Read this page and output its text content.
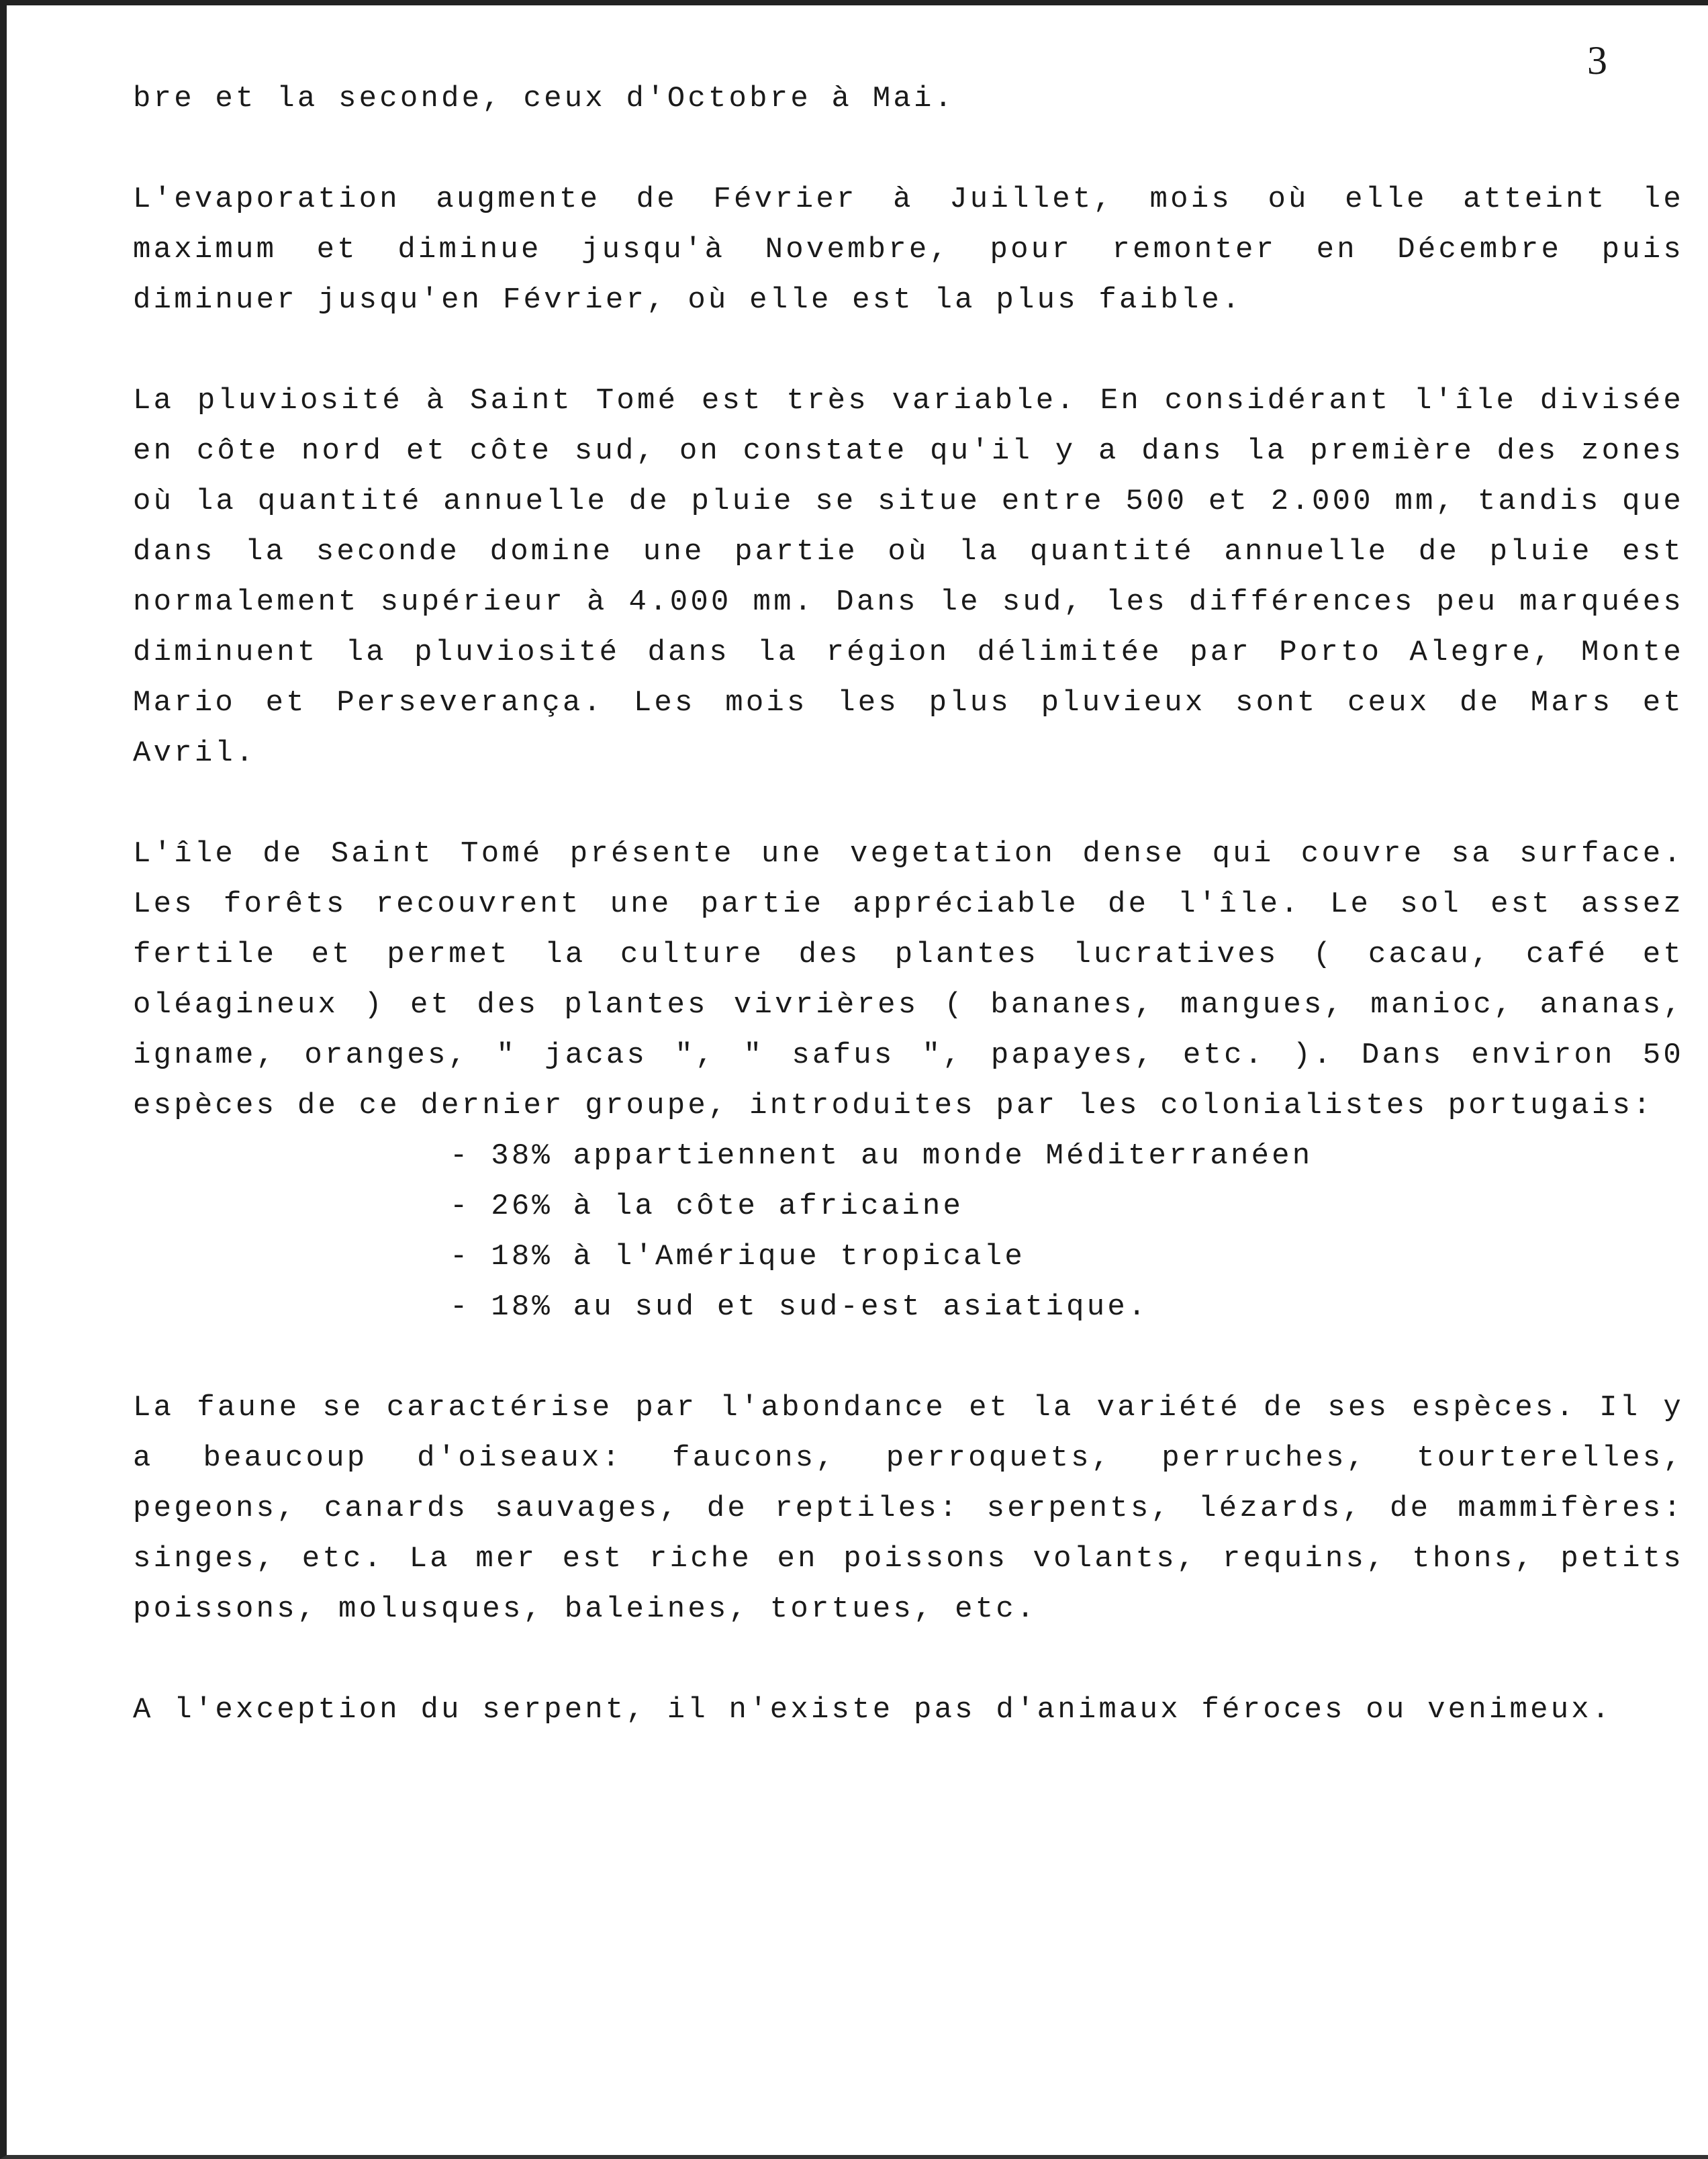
3

bre et la seconde, ceux d'Octobre à Mai.

L'evaporation augmente de Février à Juillet, mois où elle atteint le maximum et diminue jusqu'à Novembre, pour remonter en Décembre puis diminuer jusqu'en Février, où elle est la plus faible.

La pluviosité à Saint Tomé est très variable. En considérant l'île divisée en côte nord et côte sud, on constate qu'il y a dans la première des zones où la quantité annuelle de pluie se situe entre 500 et 2.000 mm, tandis que dans la seconde domine une partie où la quantité annuelle de pluie est normalement supérieur à 4.000 mm. Dans le sud, les différences peu marquées diminuent la pluviosité dans la région délimitée par Porto Alegre, Monte Mario et Perseverança. Les mois les plus pluvieux sont ceux de Mars et Avril.

L'île de Saint Tomé présente une vegetation dense qui couvre sa surface. Les forêts recouvrent une partie appréciable de l'île. Le sol est assez fertile et permet la culture des plantes lucratives ( cacau, café et oléagineux ) et des plantes vivrières ( bananes, mangues, manioc, ananas, igname, oranges, " jacas ", " safus ", papayes, etc. ). Dans environ 50 espèces de ce dernier groupe, introduites par les colonialistes portugais:

- 38% appartiennent au monde Méditerranéen
- 26% à la côte africaine
- 18% à l'Amérique tropicale
- 18% au sud et sud-est asiatique.

La faune se caractérise par l'abondance et la variété de ses espèces. Il y a beaucoup d'oiseaux: faucons, perroquets, perruches, tourterelles, pegeons, canards sauvages, de reptiles: serpents, lézards, de mammifères: singes, etc. La mer est riche en poissons volants, requins, thons, petits poissons, molusques, baleines, tortues, etc.

A l'exception du serpent, il n'existe pas d'animaux féroces ou venimeux.
